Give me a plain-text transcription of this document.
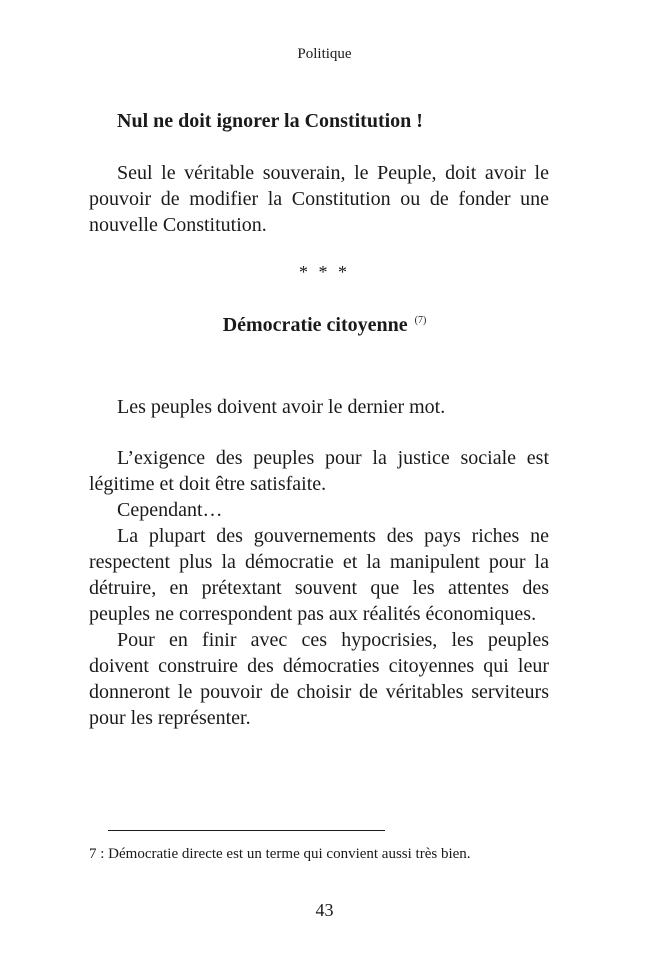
Politique
Nul ne doit ignorer la Constitution !

Seul le véritable souverain, le Peuple, doit avoir le pouvoir de modifier la Constitution ou de fonder une nouvelle Constitution.

* * *
Démocratie citoyenne $^{(7)}$

Les peuples doivent avoir le dernier mot.

L’exigence des peuples pour la justice sociale est légitime et doit être satisfaite.

Cependant…

La plupart des gouvernements des pays riches ne respectent plus la démocratie et la manipulent pour la détruire, en prétextant souvent que les attentes des peuples ne correspondent pas aux réalités économiques.

Pour en finir avec ces hypocrisies, les peuples doivent construire des démocraties citoyennes qui leur donneront le pouvoir de choisir de véritables serviteurs pour les représenter.

7 : Démocratie directe est un terme qui convient aussi très bien.
43
